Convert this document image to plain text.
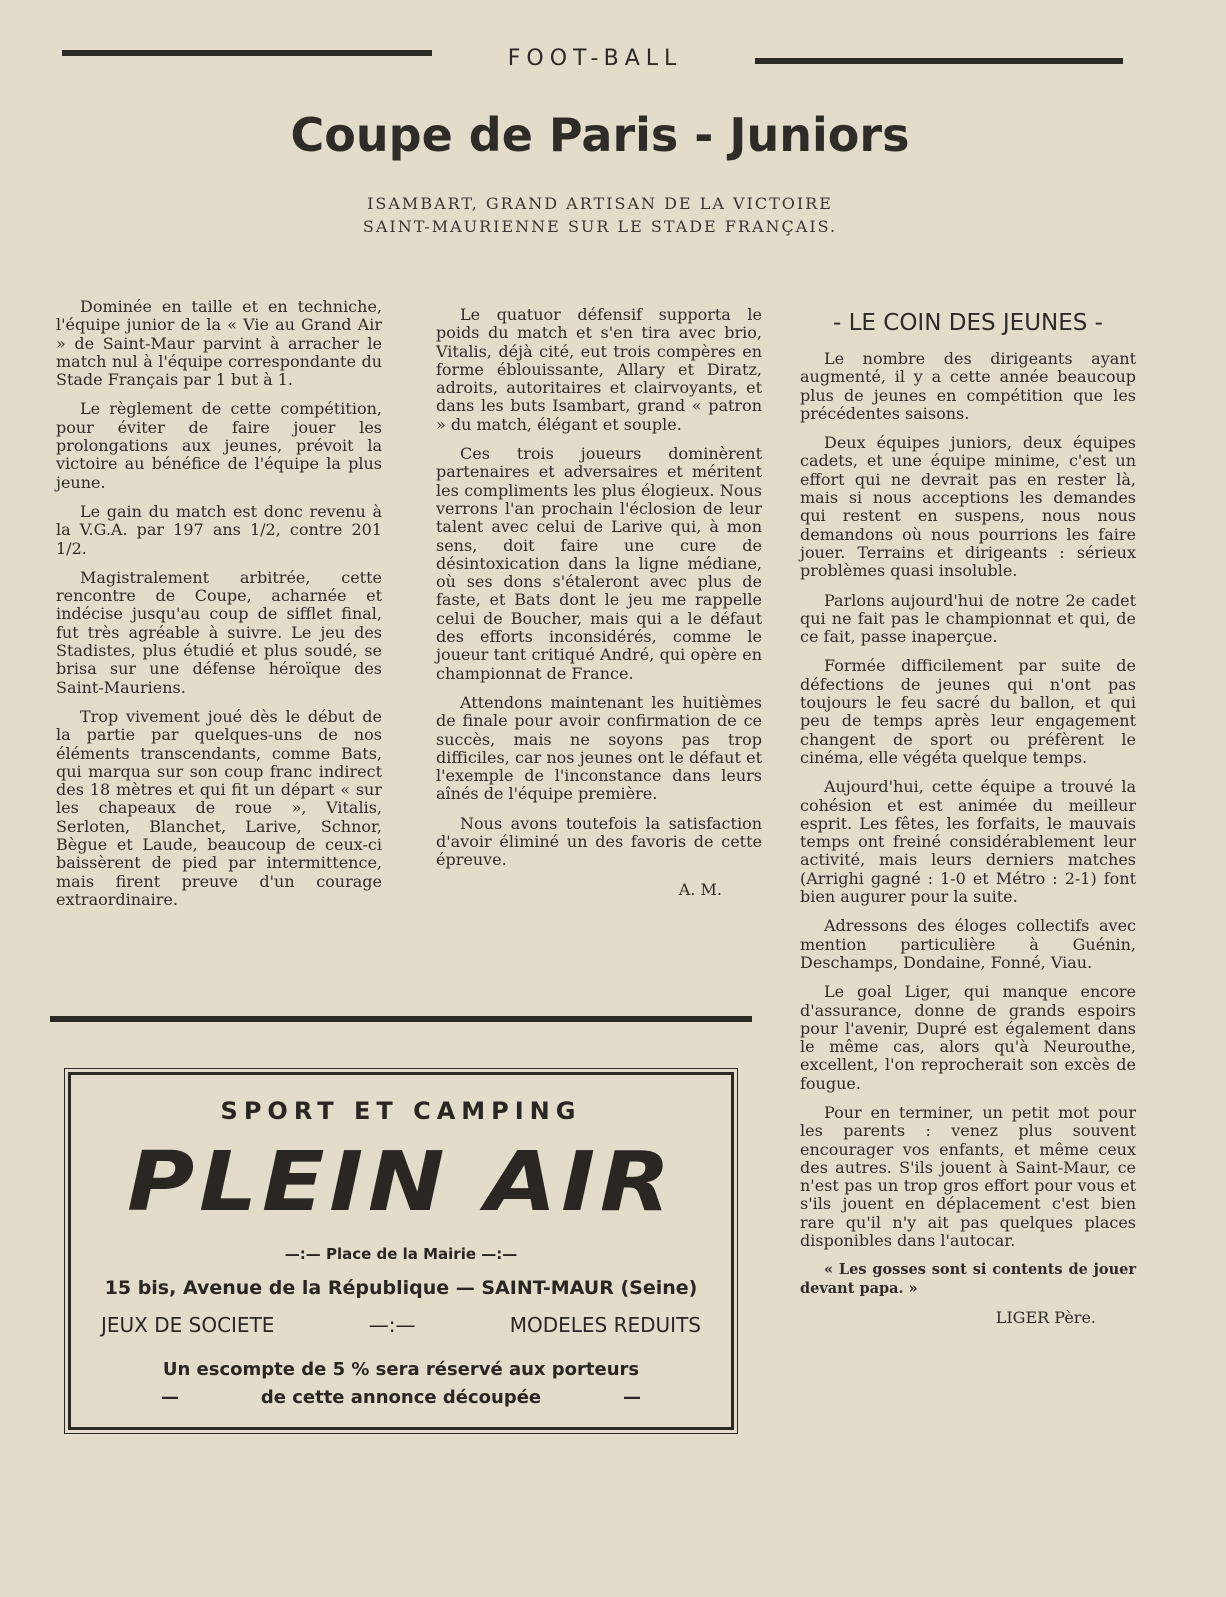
FOOT-BALL
Coupe de Paris - Juniors
ISAMBART, GRAND ARTISAN DE LA VICTOIRE
SAINT-MAURIENNE SUR LE STADE FRANÇAIS.

Dominée en taille et en techniche, l'équipe junior de la « Vie au Grand Air » de Saint-Maur parvint à arracher le match nul à l'équipe correspondante du Stade Français par 1 but à 1.

Le règlement de cette compétition, pour éviter de faire jouer les prolongations aux jeunes, prévoit la victoire au bénéfice de l'équipe la plus jeune.

Le gain du match est donc revenu à la V.G.A. par 197 ans 1/2, contre 201 1/2.

Magistralement arbitrée, cette rencontre de Coupe, acharnée et indécise jusqu'au coup de sifflet final, fut très agréable à suivre. Le jeu des Stadistes, plus étudié et plus soudé, se brisa sur une défense héroïque des Saint-Mauriens.

Trop vivement joué dès le début de la partie par quelques-uns de nos éléments transcendants, comme Bats, qui marqua sur son coup franc indirect des 18 mètres et qui fit un départ « sur les chapeaux de roue », Vitalis, Serloten, Blanchet, Larive, Schnor, Bègue et Laude, beaucoup de ceux-ci baissèrent de pied par intermittence, mais firent preuve d'un courage extraordinaire.

Le quatuor défensif supporta le poids du match et s'en tira avec brio, Vitalis, déjà cité, eut trois compères en forme éblouissante, Allary et Diratz, adroits, autoritaires et clairvoyants, et dans les buts Isambart, grand « patron » du match, élégant et souple.

Ces trois joueurs dominèrent partenaires et adversaires et méritent les compliments les plus élogieux. Nous verrons l'an prochain l'éclosion de leur talent avec celui de Larive qui, à mon sens, doit faire une cure de désintoxication dans la ligne médiane, où ses dons s'étaleront avec plus de faste, et Bats dont le jeu me rappelle celui de Boucher, mais qui a le défaut des efforts inconsidérés, comme le joueur tant critiqué André, qui opère en championnat de France.

Attendons maintenant les huitièmes de finale pour avoir confirmation de ce succès, mais ne soyons pas trop difficiles, car nos jeunes ont le défaut et l'exemple de l'inconstance dans leurs aînés de l'équipe première.

Nous avons toutefois la satisfaction d'avoir éliminé un des favoris de cette épreuve.

A. M.

- LE COIN DES JEUNES -

Le nombre des dirigeants ayant augmenté, il y a cette année beaucoup plus de jeunes en compétition que les précédentes saisons.

Deux équipes juniors, deux équipes cadets, et une équipe minime, c'est un effort qui ne devrait pas en rester là, mais si nous acceptions les demandes qui restent en suspens, nous nous demandons où nous pourrions les faire jouer. Terrains et dirigeants : sérieux problèmes quasi insoluble.

Parlons aujourd'hui de notre 2e cadet qui ne fait pas le championnat et qui, de ce fait, passe inaperçue.

Formée difficilement par suite de défections de jeunes qui n'ont pas toujours le feu sacré du ballon, et qui peu de temps après leur engagement changent de sport ou préfèrent le cinéma, elle végéta quelque temps.

Aujourd'hui, cette équipe a trouvé la cohésion et est animée du meilleur esprit. Les fêtes, les forfaits, le mauvais temps ont freiné considérablement leur activité, mais leurs derniers matches (Arrighi gagné : 1-0 et Métro : 2-1) font bien augurer pour la suite.

Adressons des éloges collectifs avec mention particulière à Guénin, Deschamps, Dondaine, Fonné, Viau.

Le goal Liger, qui manque encore d'assurance, donne de grands espoirs pour l'avenir, Dupré est également dans le même cas, alors qu'à Neurouthe, excellent, l'on reprocherait son excès de fougue.

Pour en terminer, un petit mot pour les parents : venez plus souvent encourager vos enfants, et même ceux des autres. S'ils jouent à Saint-Maur, ce n'est pas un trop gros effort pour vous et s'ils jouent en déplacement c'est bien rare qu'il n'y ait pas quelques places disponibles dans l'autocar.

« Les gosses sont si contents de jouer devant papa. »

LIGER Père.

SPORT ET CAMPING
PLEIN AIR
—:— Place de la Mairie —:—
15 bis, Avenue de la République — SAINT-MAUR (Seine)
JEUX DE SOCIETE	—:—	MODELES REDUITS
Un escompte de 5 % sera réservé aux porteurs
—	de cette annonce découpée	—
